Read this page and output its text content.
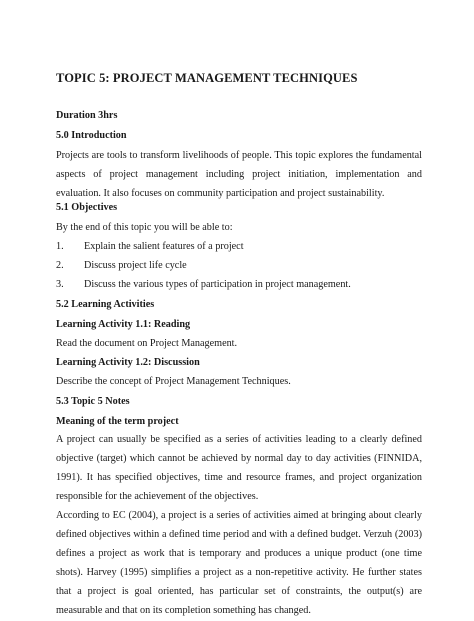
TOPIC 5: PROJECT MANAGEMENT TECHNIQUES
Duration 3hrs
5.0 Introduction

Projects are tools to transform livelihoods of people. This topic explores the fundamental aspects of project management including project initiation, implementation and evaluation. It also focuses on community participation and project sustainability.

5.1 Objectives
By the end of this topic you will be able to:
1. Explain the salient features of a project
2. Discuss project life cycle
3. Discuss the various types of participation in project management.
5.2 Learning Activities
Learning Activity 1.1: Reading
Read the document on Project Management.
Learning Activity 1.2: Discussion
Describe the concept of Project Management Techniques.
5.3 Topic 5 Notes
Meaning of the term project

A project can usually be specified as a series of activities leading to a clearly defined objective (target) which cannot be achieved by normal day to day activities (FINNIDA, 1991). It has specified objectives, time and resource frames, and project organization responsible for the achievement of the objectives.

According to EC (2004), a project is a series of activities aimed at bringing about clearly defined objectives within a defined time period and with a defined budget. Verzuh (2003) defines a project as work that is temporary and produces a unique product (one time shots). Harvey (1995) simplifies a project as a non-repetitive activity. He further states that a project is goal oriented, has particular set of constraints, the output(s) are measurable and that on its completion something has changed.
